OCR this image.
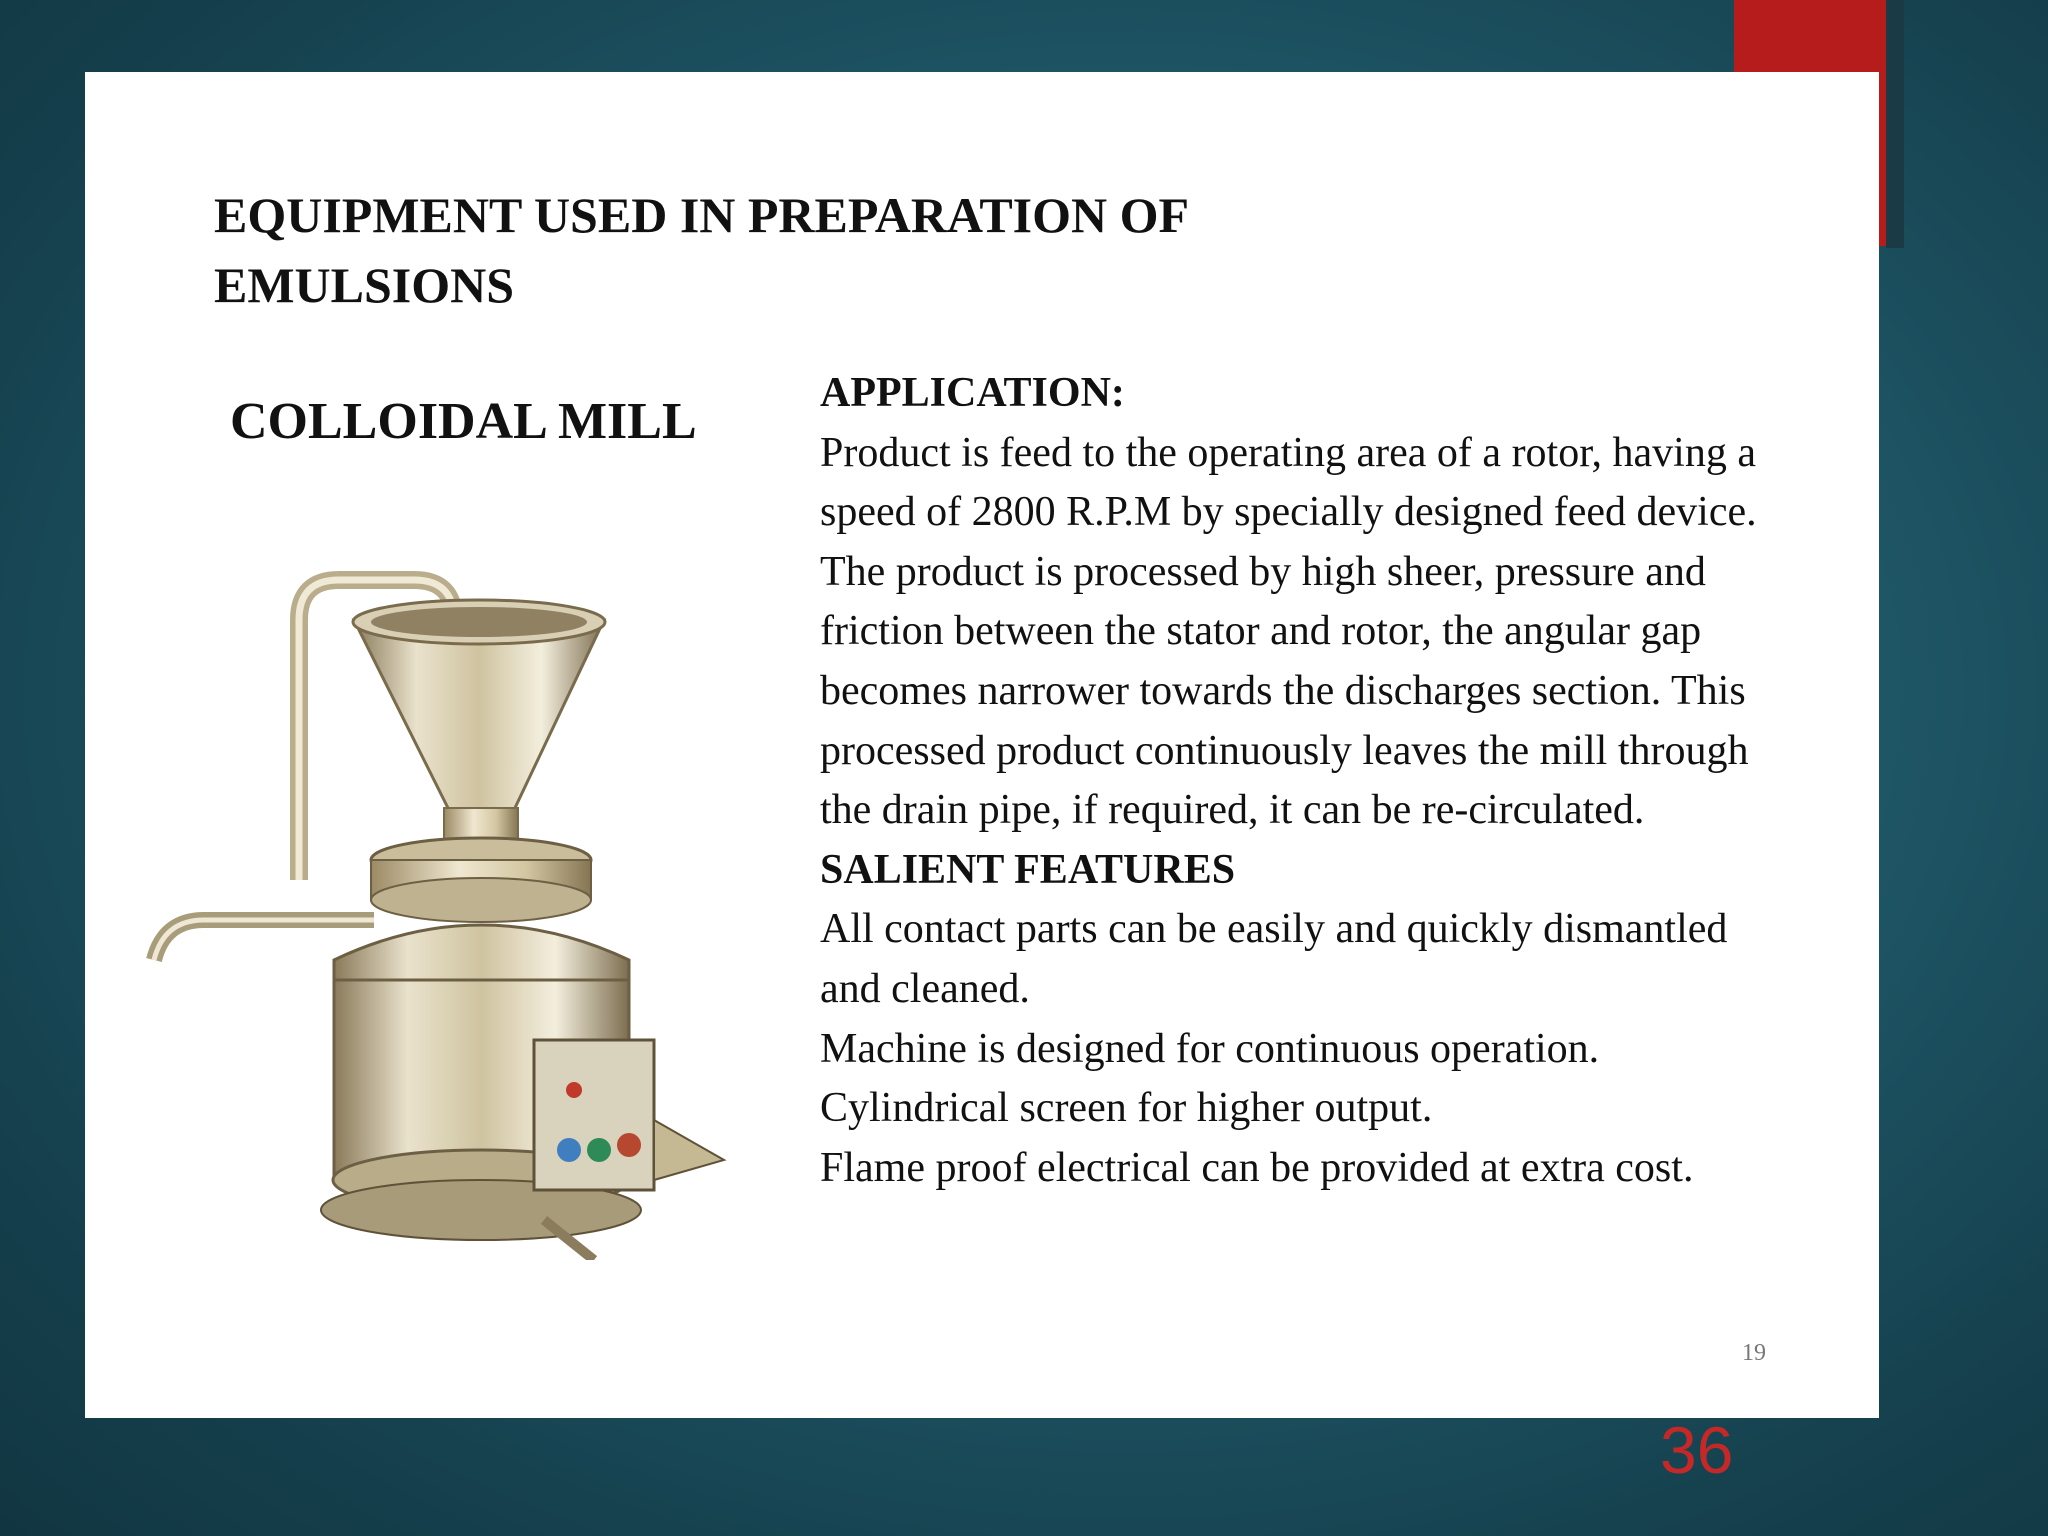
EQUIPMENT USED IN PREPARATION OF
EMULSIONS
COLLOIDAL MILL	APPLICATION:

Product is feed to the operating area of a rotor, having a speed of 2800 R.P.M by specially designed feed device. The product is processed by high sheer, pressure and friction between the stator and rotor, the angular gap becomes narrower towards the discharges section. This processed product continuously leaves the mill through the drain pipe, if required, it can be re-circulated.

SALIENT FEATURES

All contact parts can be easily and quickly dismantled and cleaned.

Machine is designed for continuous operation.

Cylindrical screen for higher output.

Flame proof electrical can be provided at extra cost.

19
36
